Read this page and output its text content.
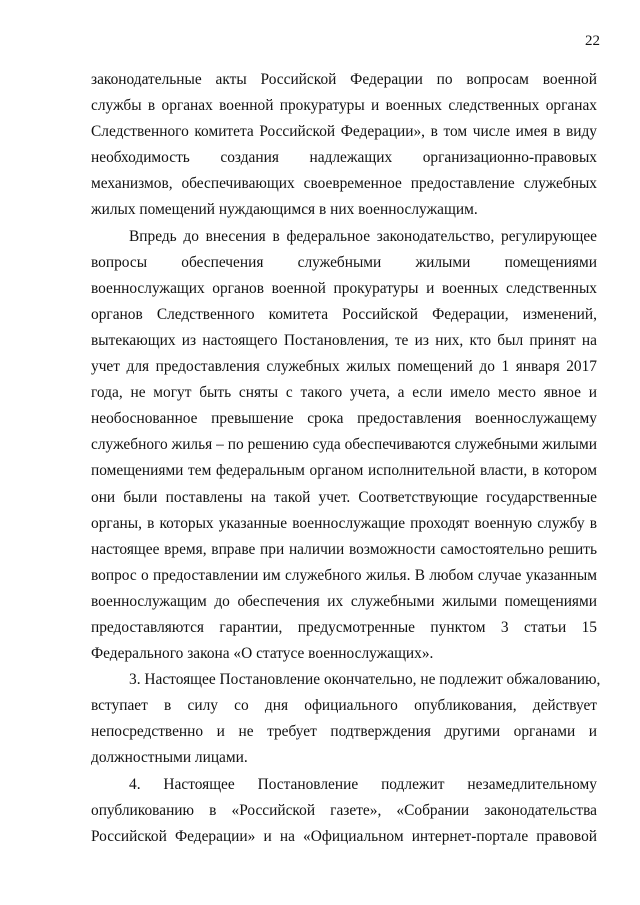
22
законодательные акты Российской Федерации по вопросам военной
службы в органах военной прокуратуры и военных следственных органах
Следственного комитета Российской Федерации», в том числе имея в виду
необходимость создания надлежащих организационно-правовых
механизмов, обеспечивающих своевременное предоставление служебных
жилых помещений нуждающимся в них военнослужащим.
Впредь до внесения в федеральное законодательство, регулирующее
вопросы обеспечения служебными жилыми помещениями
военнослужащих органов военной прокуратуры и военных следственных
органов Следственного комитета Российской Федерации, изменений,
вытекающих из настоящего Постановления, те из них, кто был принят на
учет для предоставления служебных жилых помещений до 1 января 2017
года, не могут быть сняты с такого учета, а если имело место явное и
необоснованное превышение срока предоставления военнослужащему
служебного жилья – по решению суда обеспечиваются служебными жилыми
помещениями тем федеральным органом исполнительной власти, в котором
они были поставлены на такой учет. Соответствующие государственные
органы, в которых указанные военнослужащие проходят военную службу в
настоящее время, вправе при наличии возможности самостоятельно решить
вопрос о предоставлении им служебного жилья. В любом случае указанным
военнослужащим до обеспечения их служебными жилыми помещениями
предоставляются гарантии, предусмотренные пунктом 3 статьи 15
Федерального закона «О статусе военнослужащих».
3. Настоящее Постановление окончательно, не подлежит обжалованию,
вступает в силу со дня официального опубликования, действует
непосредственно и не требует подтверждения другими органами и
должностными лицами.
4. Настоящее Постановление подлежит незамедлительному
опубликованию в «Российской газете», «Собрании законодательства
Российской Федерации» и на «Официальном интернет-портале правовой
